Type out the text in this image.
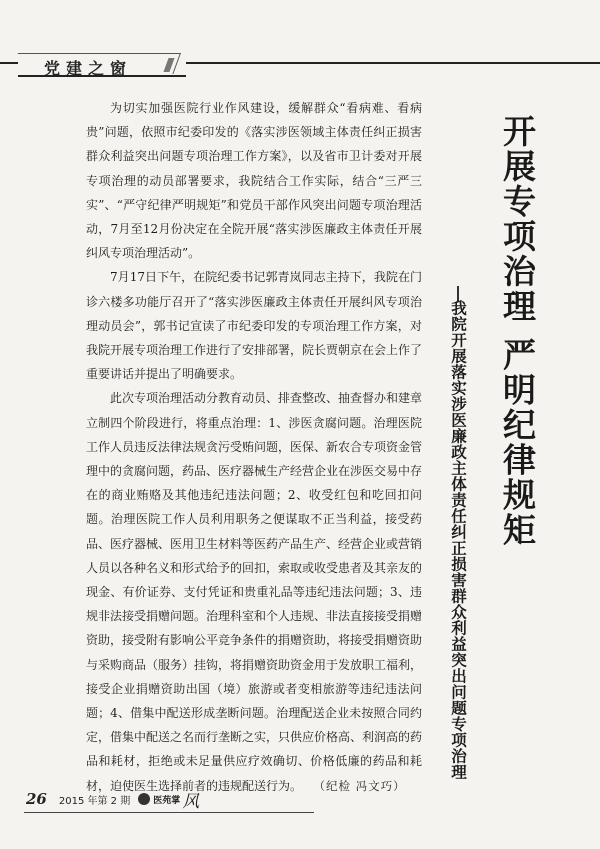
党建之窗

为切实加强医院行业作风建设，缓解群众“看病难、看病贵”问题，依照市纪委印发的《落实涉医领域主体责任纠正损害群众利益突出问题专项治理工作方案》，以及省市卫计委对开展专项治理的动员部署要求，我院结合工作实际，结合“三严三实”、“严守纪律严明规矩”和党员干部作风突出问题专项治理活动，7月至12月份决定在全院开展“落实涉医廉政主体责任开展纠风专项治理活动”。

7月17日下午，在院纪委书记郭青岚同志主持下，我院在门诊六楼多功能厅召开了“落实涉医廉政主体责任开展纠风专项治理动员会”，郭书记宣读了市纪委印发的专项治理工作方案，对我院开展专项治理工作进行了安排部署，院长贾朝京在会上作了重要讲话并提出了明确要求。

此次专项治理活动分教育动员、排查整改、抽查督办和建章立制四个阶段进行，将重点治理：1、涉医贪腐问题。治理医院工作人员违反法律法规贪污受贿问题，医保、新农合专项资金管理中的贪腐问题，药品、医疗器械生产经营企业在涉医交易中存在的商业贿赂及其他违纪违法问题；2、收受红包和吃回扣问题。治理医院工作人员利用职务之便谋取不正当利益，接受药品、医疗器械、医用卫生材料等医药产品生产、经营企业或营销人员以各种名义和形式给予的回扣，索取或收受患者及其亲友的现金、有价证券、支付凭证和贵重礼品等违纪违法问题；3、违规非法接受捐赠问题。治理科室和个人违规、非法直接接受捐赠资助，接受附有影响公平竞争条件的捐赠资助，将接受捐赠资助与采购商品（服务）挂钩，将捐赠资助资金用于发放职工福利，接受企业捐赠资助出国（境）旅游或者变相旅游等违纪违法问题；4、借集中配送形成垄断问题。治理配送企业未按照合同约定，借集中配送之名而行垄断之实，只供应价格高、利润高的药品和耗材，拒绝或未足量供应疗效确切、价格低廉的药品和耗材，迫使医生选择前者的违规配送行为。 （纪检 冯文巧）

开展专项治理 严明纪律规矩
我院开展落实涉医廉政主体责任纠正损害群众利益突出问题专项治理
26 2015 年第 2 期	医苑掌 风
